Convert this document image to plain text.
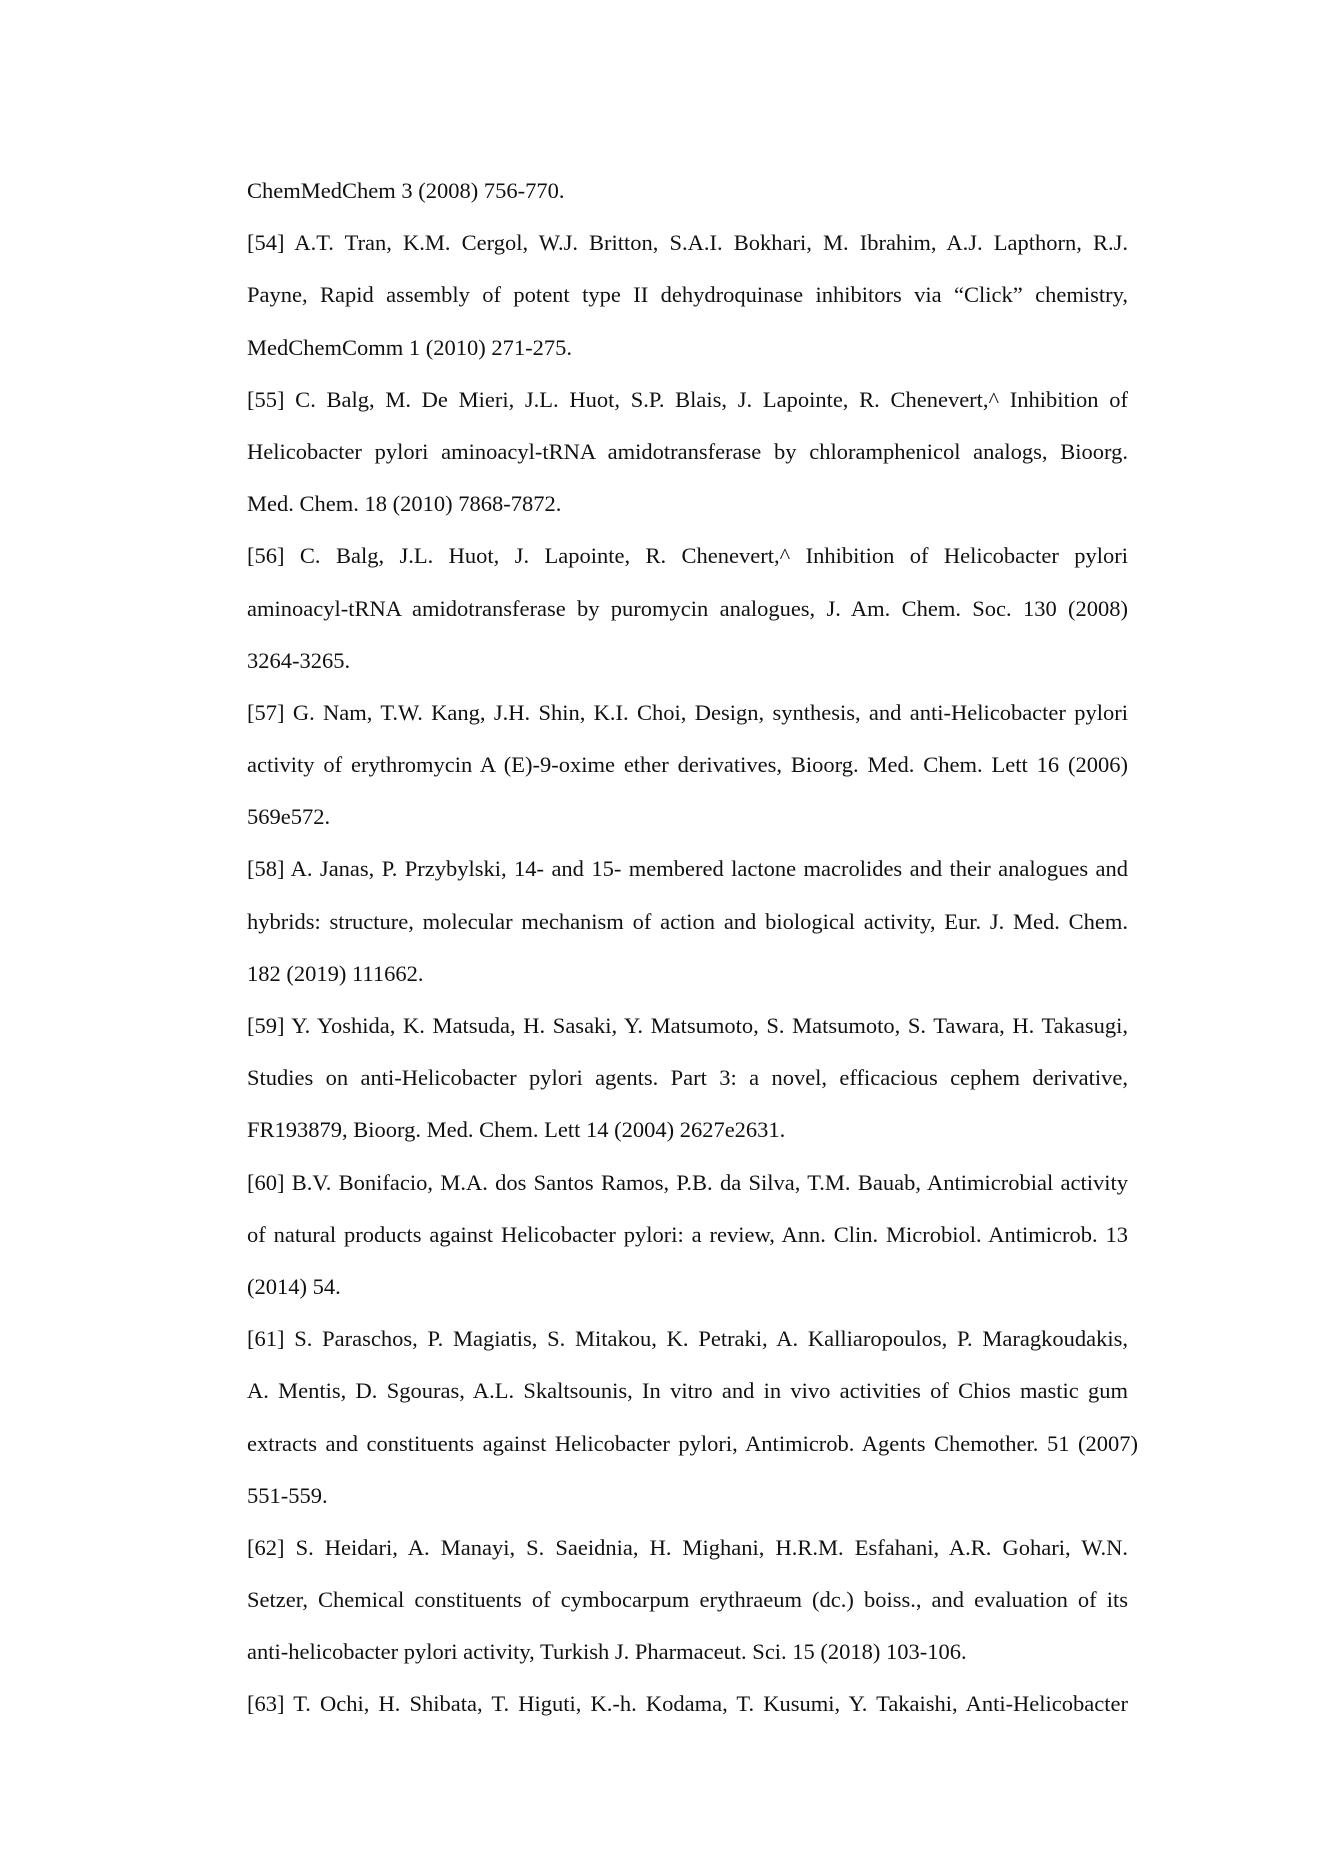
ChemMedChem 3 (2008) 756-770.
[54] A.T. Tran, K.M. Cergol, W.J. Britton, S.A.I. Bokhari, M. Ibrahim, A.J. Lapthorn, R.J.
Payne, Rapid assembly of potent type II dehydroquinase inhibitors via “Click” chemistry,
MedChemComm 1 (2010) 271-275.
[55] C. Balg, M. De Mieri, J.L. Huot, S.P. Blais, J. Lapointe, R. Chenevert,^ Inhibition of
Helicobacter pylori aminoacyl-tRNA amidotransferase by chloramphenicol analogs, Bioorg.
Med. Chem. 18 (2010) 7868-7872.
[56] C. Balg, J.L. Huot, J. Lapointe, R. Chenevert,^ Inhibition of Helicobacter pylori
aminoacyl-tRNA amidotransferase by puromycin analogues, J. Am. Chem. Soc. 130 (2008)
3264-3265.
[57] G. Nam, T.W. Kang, J.H. Shin, K.I. Choi, Design, synthesis, and anti-Helicobacter pylori
activity of erythromycin A (E)-9-oxime ether derivatives, Bioorg. Med. Chem. Lett 16 (2006)
569e572.
[58] A. Janas, P. Przybylski, 14- and 15- membered lactone macrolides and their analogues and
hybrids: structure, molecular mechanism of action and biological activity, Eur. J. Med. Chem.
182 (2019) 111662.
[59] Y. Yoshida, K. Matsuda, H. Sasaki, Y. Matsumoto, S. Matsumoto, S. Tawara, H. Takasugi,
Studies on anti-Helicobacter pylori agents. Part 3: a novel, efficacious cephem derivative,
FR193879, Bioorg. Med. Chem. Lett 14 (2004) 2627e2631.
[60] B.V. Bonifacio, M.A. dos Santos Ramos, P.B. da Silva, T.M. Bauab, Antimicrobial activity
of natural products against Helicobacter pylori: a review, Ann. Clin. Microbiol. Antimicrob. 13
(2014) 54.
[61] S. Paraschos, P. Magiatis, S. Mitakou, K. Petraki, A. Kalliaropoulos, P. Maragkoudakis,
A. Mentis, D. Sgouras, A.L. Skaltsounis, In vitro and in vivo activities of Chios mastic gum
extracts and constituents against Helicobacter pylori, Antimicrob. Agents Chemother. 51 (2007)
551-559.
[62] S. Heidari, A. Manayi, S. Saeidnia, H. Mighani, H.R.M. Esfahani, A.R. Gohari, W.N.
Setzer, Chemical constituents of cymbocarpum erythraeum (dc.) boiss., and evaluation of its
anti-helicobacter pylori activity, Turkish J. Pharmaceut. Sci. 15 (2018) 103-106.
[63] T. Ochi, H. Shibata, T. Higuti, K.-h. Kodama, T. Kusumi, Y. Takaishi, Anti-Helicobacter
